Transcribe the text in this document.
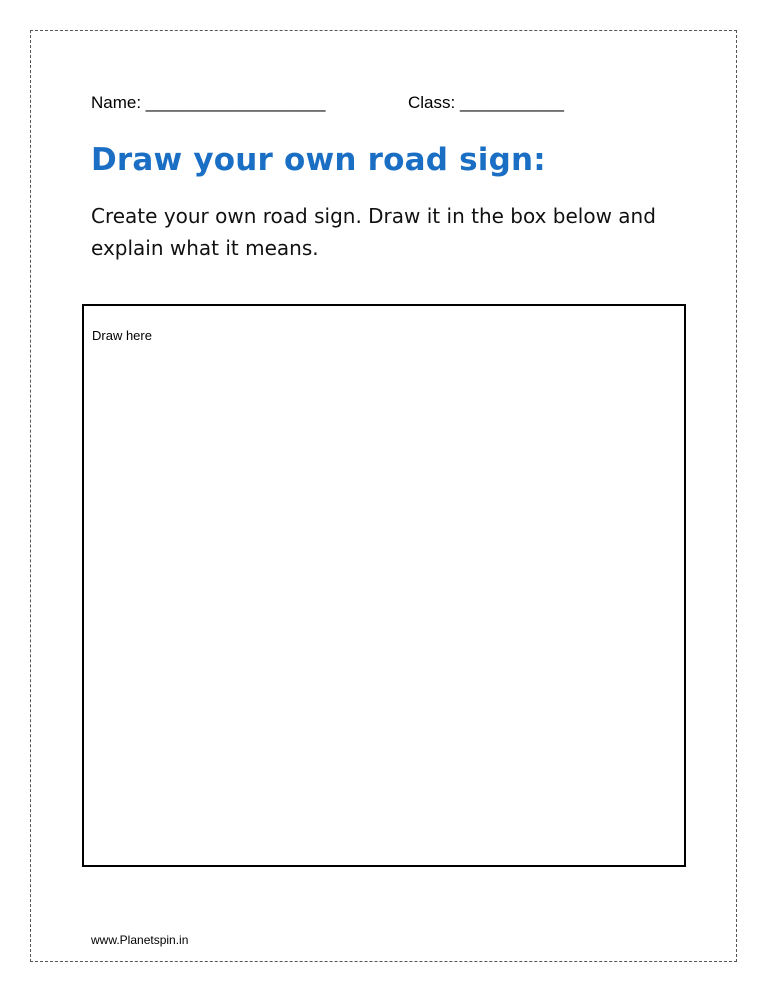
Name: ___________________	Class: ___________
Draw your own road sign:
Create your own road sign. Draw it in the box below and explain what it means.
Draw here
www.Planetspin.in
